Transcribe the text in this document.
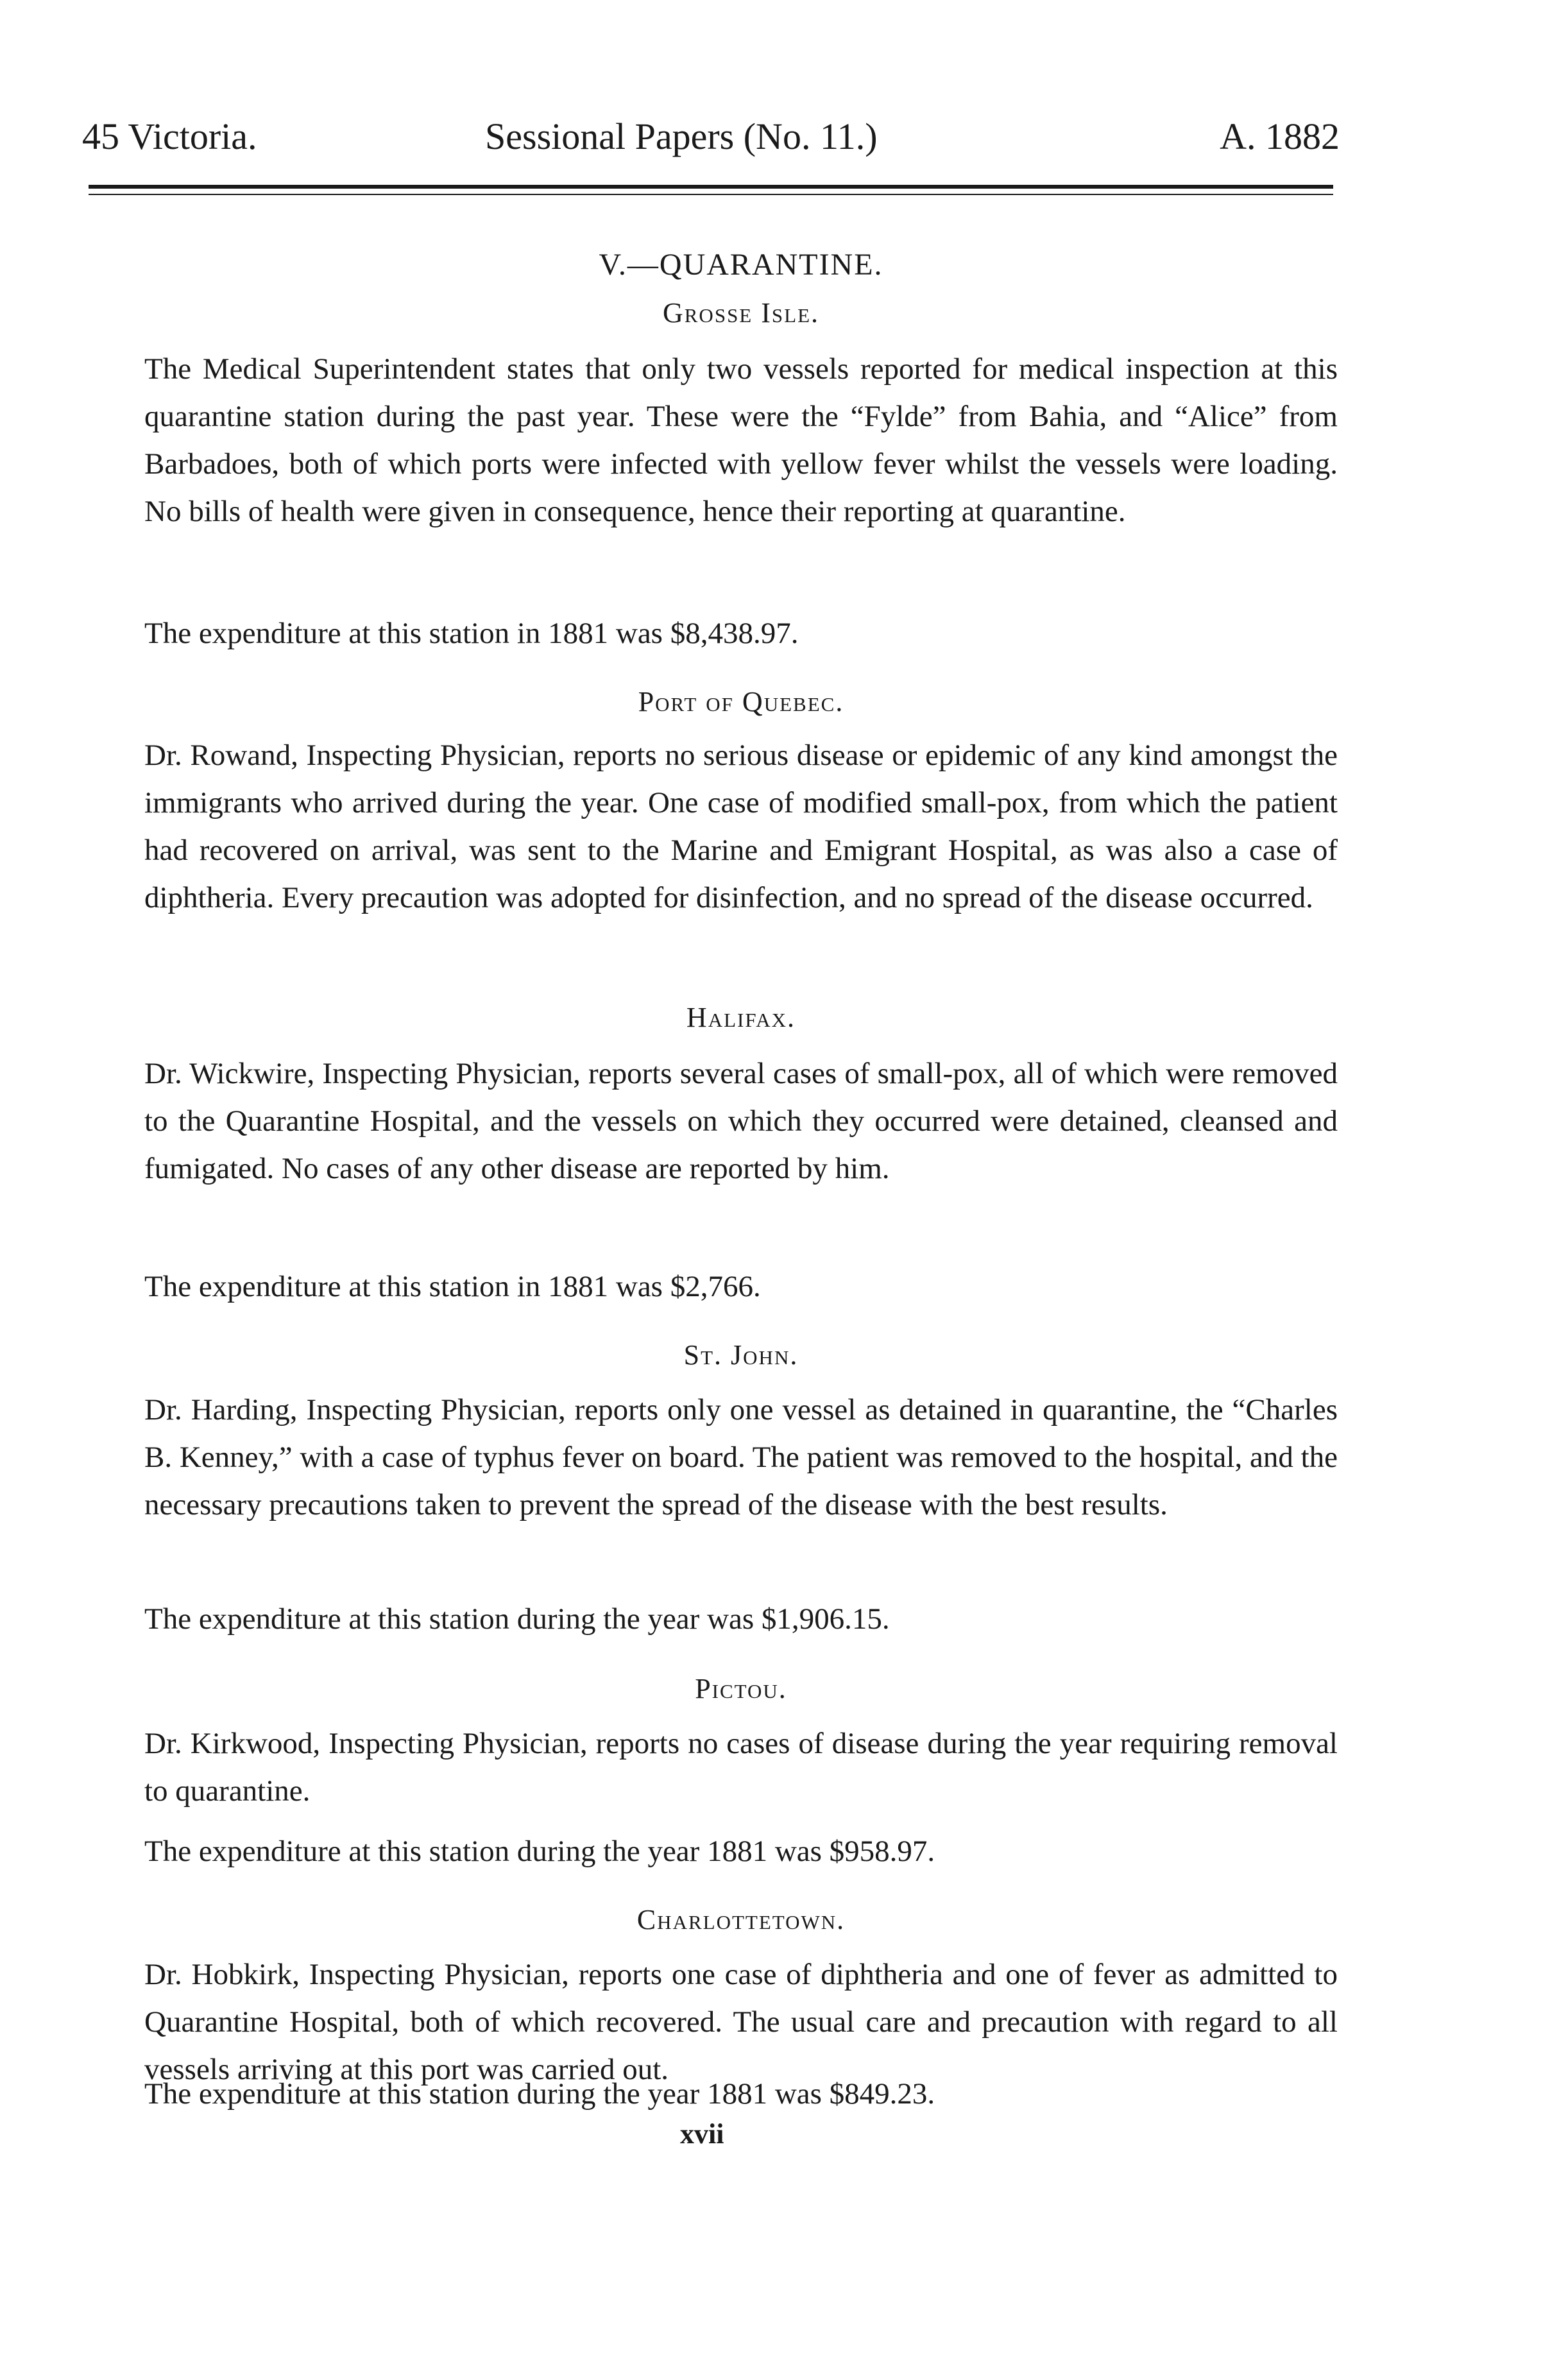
45 Victoria.	Sessional Papers (No. 11.)	A. 1882
V.—QUARANTINE.
Grosse Isle.
The Medical Superintendent states that only two vessels reported for medical inspection at this quarantine station during the past year. These were the “Fylde” from Bahia, and “Alice” from Barbadoes, both of which ports were infected with yellow fever whilst the vessels were loading. No bills of health were given in consequence, hence their reporting at quarantine.
The expenditure at this station in 1881 was $8,438.97.
Port of Quebec.
Dr. Rowand, Inspecting Physician, reports no serious disease or epidemic of any kind amongst the immigrants who arrived during the year. One case of modified small-pox, from which the patient had recovered on arrival, was sent to the Marine and Emigrant Hospital, as was also a case of diphtheria. Every precaution was adopted for disinfection, and no spread of the disease occurred.
Halifax.
Dr. Wickwire, Inspecting Physician, reports several cases of small-pox, all of which were removed to the Quarantine Hospital, and the vessels on which they occurred were detained, cleansed and fumigated. No cases of any other disease are reported by him.
The expenditure at this station in 1881 was $2,766.
St. John.
Dr. Harding, Inspecting Physician, reports only one vessel as detained in quarantine, the “Charles B. Kenney,” with a case of typhus fever on board. The patient was removed to the hospital, and the necessary precautions taken to prevent the spread of the disease with the best results.
The expenditure at this station during the year was $1,906.15.
Pictou.
Dr. Kirkwood, Inspecting Physician, reports no cases of disease during the year requiring removal to quarantine.
The expenditure at this station during the year 1881 was $958.97.
Charlottetown.
Dr. Hobkirk, Inspecting Physician, reports one case of diphtheria and one of fever as admitted to Quarantine Hospital, both of which recovered. The usual care and precaution with regard to all vessels arriving at this port was carried out.
The expenditure at this station during the year 1881 was $849.23.
xvii
